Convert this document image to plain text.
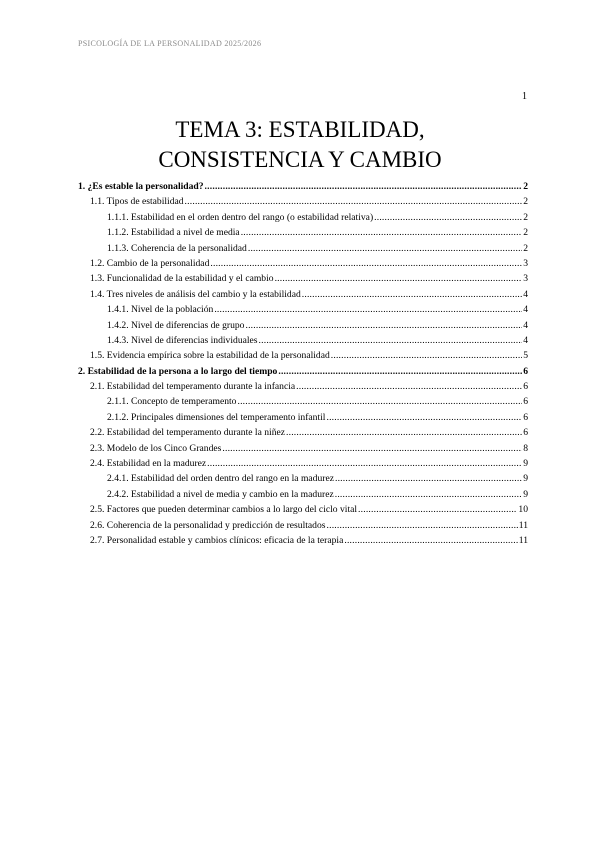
PSICOLOGÍA DE LA PERSONALIDAD 2025/2026
1
TEMA 3: ESTABILIDAD,
CONSISTENCIA Y CAMBIO
1. ¿Es estable la personalidad? .....	2
1.1. Tipos de estabilidad .....	2
1.1.1. Estabilidad en el orden dentro del rango (o estabilidad relativa) .....	2
1.1.2. Estabilidad a nivel de media .....	2
1.1.3. Coherencia de la personalidad .....	2
1.2. Cambio de la personalidad .....	3
1.3. Funcionalidad de la estabilidad y el cambio .....	3
1.4. Tres niveles de análisis del cambio y la estabilidad .....	4
1.4.1. Nivel de la población .....	4
1.4.2. Nivel de diferencias de grupo .....	4
1.4.3. Nivel de diferencias individuales .....	4
1.5. Evidencia empírica sobre la estabilidad de la personalidad .....	5
2. Estabilidad de la persona a lo largo del tiempo .....	6
2.1. Estabilidad del temperamento durante la infancia .....	6
2.1.1. Concepto de temperamento .....	6
2.1.2. Principales dimensiones del temperamento infantil .....	6
2.2. Estabilidad del temperamento durante la niñez .....	6
2.3. Modelo de los Cinco Grandes .....	8
2.4. Estabilidad en la madurez .....	9
2.4.1. Estabilidad del orden dentro del rango en la madurez .....	9
2.4.2. Estabilidad a nivel de media y cambio en la madurez .....	9
2.5. Factores que pueden determinar cambios a lo largo del ciclo vital .....	10
2.6. Coherencia de la personalidad y predicción de resultados .....	11
2.7. Personalidad estable y cambios clínicos: eficacia de la terapia .....	11
